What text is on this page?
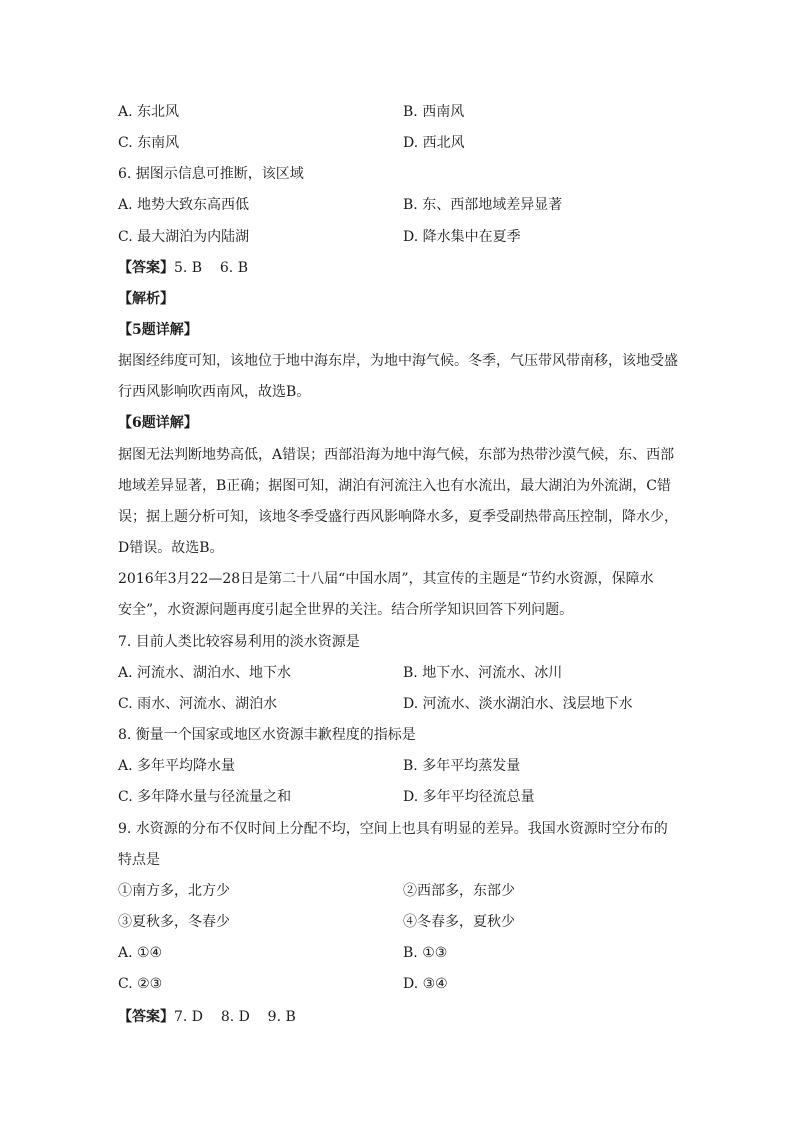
A. 东北风	B. 西南风
C. 东南风	D. 西北风
6. 据图示信息可推断，该区域
A. 地势大致东高西低	B. 东、西部地域差异显著
C. 最大湖泊为内陆湖	D. 降水集中在夏季
【答案】5. B    6. B
【解析】
【5题详解】
据图经纬度可知，该地位于地中海东岸，为地中海气候。冬季，气压带风带南移，该地受盛
行西风影响吹西南风，故选B。
【6题详解】
据图无法判断地势高低，A错误；西部沿海为地中海气候，东部为热带沙漠气候，东、西部
地域差异显著，B正确；据图可知，湖泊有河流注入也有水流出，最大湖泊为外流湖，C错
误；据上题分析可知，该地冬季受盛行西风影响降水多，夏季受副热带高压控制，降水少，
D错误。故选B。
2016年3月22—28日是第二十八届“中国水周”，其宣传的主题是“节约水资源，保障水
安全”，水资源问题再度引起全世界的关注。结合所学知识回答下列问题。
7. 目前人类比较容易利用的淡水资源是
A. 河流水、湖泊水、地下水	B. 地下水、河流水、冰川
C. 雨水、河流水、湖泊水	D. 河流水、淡水湖泊水、浅层地下水
8. 衡量一个国家或地区水资源丰歉程度的指标是
A. 多年平均降水量	B. 多年平均蒸发量
C. 多年降水量与径流量之和	D. 多年平均径流总量
9. 水资源的分布不仅时间上分配不均，空间上也具有明显的差异。我国水资源时空分布的
特点是
①南方多，北方少	②西部多，东部少
③夏秋多，冬春少	④冬春多，夏秋少
A. ①④	B. ①③
C. ②③	D. ③④
【答案】7. D    8. D    9. B
